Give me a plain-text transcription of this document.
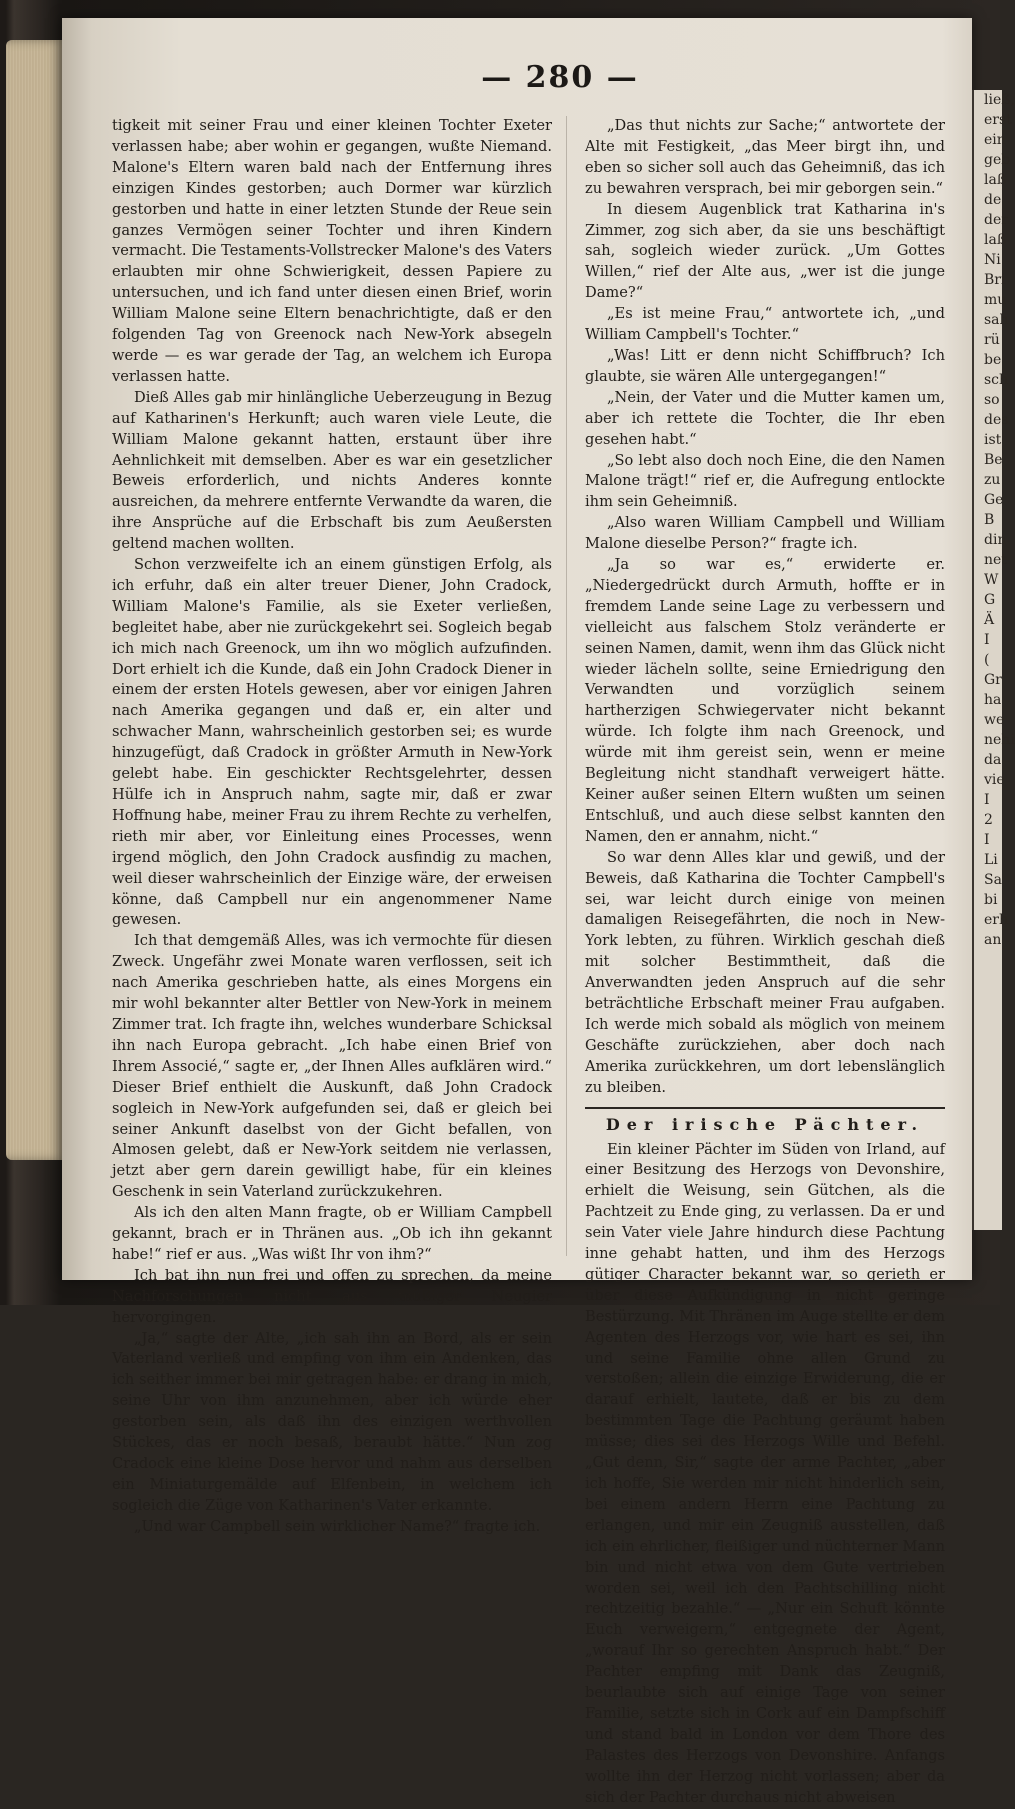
ließ,
erst
ein
geb
laß
de
der
laß
Ni
Bri
mu
sah
rü
be
sch
so
des
ist
Be
zu
Ge
B
din
net
W
G
Ä
I
(
Gr
ha
we
nehi
da
vie
I
2
I
Li
Sa
bi
erh
an
— 280 —

tigkeit mit seiner Frau und einer kleinen Tochter Exeter verlassen habe; aber wohin er gegangen, wußte Niemand. Malone's Eltern waren bald nach der Entfernung ihres einzigen Kindes gestorben; auch Dormer war kürzlich gestorben und hatte in einer letzten Stunde der Reue sein ganzes Vermögen seiner Tochter und ihren Kindern vermacht. Die Testaments-Vollstrecker Malone's des Vaters erlaubten mir ohne Schwierigkeit, dessen Papiere zu untersuchen, und ich fand unter diesen einen Brief, worin William Malone seine Eltern benachrichtigte, daß er den folgenden Tag von Greenock nach New-York absegeln werde — es war gerade der Tag, an welchem ich Europa verlassen hatte.

Dieß Alles gab mir hinlängliche Ueberzeugung in Bezug auf Katharinen's Herkunft; auch waren viele Leute, die William Malone gekannt hatten, erstaunt über ihre Aehnlichkeit mit demselben. Aber es war ein gesetzlicher Beweis erforderlich, und nichts Anderes konnte ausreichen, da mehrere entfernte Verwandte da waren, die ihre Ansprüche auf die Erbschaft bis zum Aeußersten geltend machen wollten.

Schon verzweifelte ich an einem günstigen Erfolg, als ich erfuhr, daß ein alter treuer Diener, John Cradock, William Malone's Familie, als sie Exeter verließen, begleitet habe, aber nie zurückgekehrt sei. Sogleich begab ich mich nach Greenock, um ihn wo möglich aufzufinden. Dort erhielt ich die Kunde, daß ein John Cradock Diener in einem der ersten Hotels gewesen, aber vor einigen Jahren nach Amerika gegangen und daß er, ein alter und schwacher Mann, wahrscheinlich gestorben sei; es wurde hinzugefügt, daß Cradock in größter Armuth in New-York gelebt habe. Ein geschickter Rechtsgelehrter, dessen Hülfe ich in Anspruch nahm, sagte mir, daß er zwar Hoffnung habe, meiner Frau zu ihrem Rechte zu verhelfen, rieth mir aber, vor Einleitung eines Processes, wenn irgend möglich, den John Cradock ausfindig zu machen, weil dieser wahrscheinlich der Einzige wäre, der erweisen könne, daß Campbell nur ein angenommener Name gewesen.

Ich that demgemäß Alles, was ich vermochte für diesen Zweck. Ungefähr zwei Monate waren verflossen, seit ich nach Amerika geschrieben hatte, als eines Morgens ein mir wohl bekannter alter Bettler von New-York in meinem Zimmer trat. Ich fragte ihn, welches wunderbare Schicksal ihn nach Europa gebracht. „Ich habe einen Brief von Ihrem Associé,“ sagte er, „der Ihnen Alles aufklären wird.“ Dieser Brief enthielt die Auskunft, daß John Cradock sogleich in New-York aufgefunden sei, daß er gleich bei seiner Ankunft daselbst von der Gicht befallen, von Almosen gelebt, daß er New-York seitdem nie verlassen, jetzt aber gern darein gewilligt habe, für ein kleines Geschenk in sein Vaterland zurückzukehren.

Als ich den alten Mann fragte, ob er William Campbell gekannt, brach er in Thränen aus. „Ob ich ihn gekannt habe!“ rief er aus. „Was wißt Ihr von ihm?“

Ich bat ihn nun frei und offen zu sprechen, da meine Nachforschungen nicht aus müßiger Neugier hervorgingen.

„Ja,“ sagte der Alte, „ich sah ihn an Bord, als er sein Vaterland verließ und empfing von ihm ein Andenken, das ich seither immer bei mir getragen habe: er drang in mich, seine Uhr von ihm anzunehmen, aber ich würde eher gestorben sein, als daß ihn des einzigen werthvollen Stückes, das er noch besaß, beraubt hätte.“ Nun zog Cradock eine kleine Dose hervor und nahm aus derselben ein Miniaturgemälde auf Elfenbein, in welchem ich sogleich die Züge von Katharinen's Vater erkannte.

„Und war Campbell sein wirklicher Name?“ fragte ich.

„Das thut nichts zur Sache;“ antwortete der Alte mit Festigkeit, „das Meer birgt ihn, und eben so sicher soll auch das Geheimniß, das ich zu bewahren versprach, bei mir geborgen sein.“

In diesem Augenblick trat Katharina in's Zimmer, zog sich aber, da sie uns beschäftigt sah, sogleich wieder zurück. „Um Gottes Willen,“ rief der Alte aus, „wer ist die junge Dame?“

„Es ist meine Frau,“ antwortete ich, „und William Campbell's Tochter.“

„Was! Litt er denn nicht Schiffbruch? Ich glaubte, sie wären Alle untergegangen!“

„Nein, der Vater und die Mutter kamen um, aber ich rettete die Tochter, die Ihr eben gesehen habt.“

„So lebt also doch noch Eine, die den Namen Malone trägt!“ rief er, die Aufregung entlockte ihm sein Geheimniß.

„Also waren William Campbell und William Malone dieselbe Person?“ fragte ich.

„Ja so war es,“ erwiderte er. „Niedergedrückt durch Armuth, hoffte er in fremdem Lande seine Lage zu verbessern und vielleicht aus falschem Stolz veränderte er seinen Namen, damit, wenn ihm das Glück nicht wieder lächeln sollte, seine Erniedrigung den Verwandten und vorzüglich seinem hartherzigen Schwiegervater nicht bekannt würde. Ich folgte ihm nach Greenock, und würde mit ihm gereist sein, wenn er meine Begleitung nicht standhaft verweigert hätte. Keiner außer seinen Eltern wußten um seinen Entschluß, und auch diese selbst kannten den Namen, den er annahm, nicht.“

So war denn Alles klar und gewiß, und der Beweis, daß Katharina die Tochter Campbell's sei, war leicht durch einige von meinen damaligen Reisegefährten, die noch in New-York lebten, zu führen. Wirklich geschah dieß mit solcher Bestimmtheit, daß die Anverwandten jeden Anspruch auf die sehr beträchtliche Erbschaft meiner Frau aufgaben. Ich werde mich sobald als möglich von meinem Geschäfte zurückziehen, aber doch nach Amerika zurückkehren, um dort lebenslänglich zu bleiben.

Der irische Pächter.

Ein kleiner Pächter im Süden von Irland, auf einer Besitzung des Herzogs von Devonshire, erhielt die Weisung, sein Gütchen, als die Pachtzeit zu Ende ging, zu verlassen. Da er und sein Vater viele Jahre hindurch diese Pachtung inne gehabt hatten, und ihm des Herzogs gütiger Character bekannt war, so gerieth er über diese Aufkündigung in nicht geringe Bestürzung. Mit Thränen im Auge stellte er dem Agenten des Herzogs vor, wie hart es sei, ihn und seine Familie ohne allen Grund zu verstoßen; allein die einzige Erwiderung, die er darauf erhielt, lautete, daß er bis zu dem bestimmten Tage die Pachtung geräumt haben müsse; dies sei des Herzogs Wille und Befehl. „Gut denn, Sir,“ sagte der arme Pachter, „aber ich hoffe, Sie werden mir nicht hinderlich sein, bei einem andern Herrn eine Pachtung zu erlangen, und mir ein Zeugniß ausstellen, daß ich ein ehrlicher, fleißiger und nüchterner Mann bin und nicht etwa von dem Gute vertrieben worden sei, weil ich den Pachtschilling nicht rechtzeitig bezahle.“ — „Nur ein Schuft könnte Euch verweigern,“ entgegnete der Agent, „worauf Ihr so gerechten Anspruch habt.“ Der Pachter empfing mit Dank das Zeugniß, beurlaubte sich auf einige Tage von seiner Familie, setzte sich in Cork auf ein Dampfschiff und stand bald in London vor dem Thore des Palastes des Herzogs von Devonshire. Anfangs wollte ihn der Herzog nicht vorlassen; aber da sich der Pachter durchaus nicht abweisen
